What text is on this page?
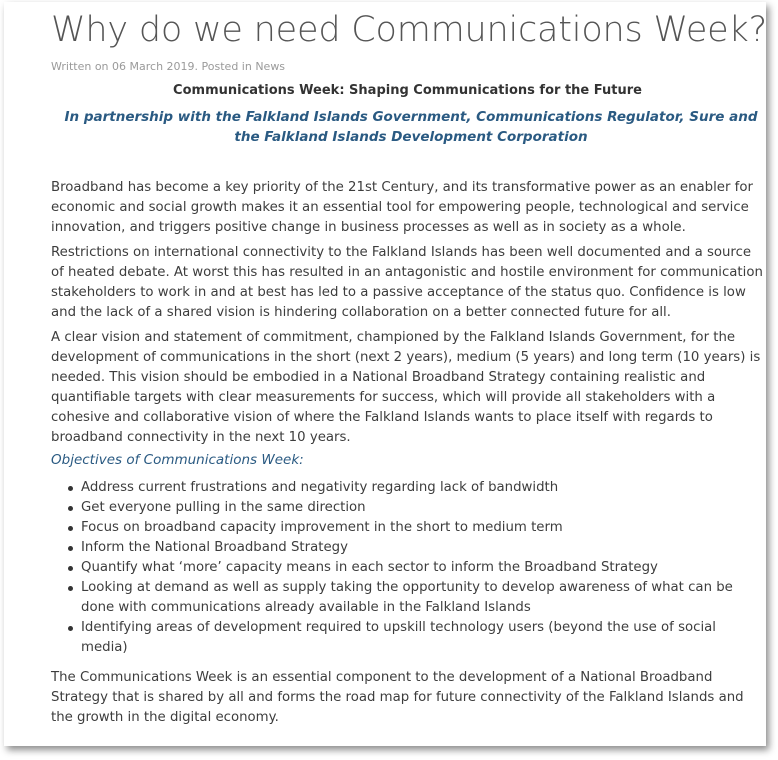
Why do we need Communications Week?
Written on 06 March 2019. Posted in News
Communications Week: Shaping Communications for the Future
In partnership with the Falkland Islands Government, Communications Regulator, Sure and the Falkland Islands Development Corporation

Broadband has become a key priority of the 21st Century, and its transformative power as an enabler for economic and social growth makes it an essential tool for empowering people, technological and service innovation, and triggers positive change in business processes as well as in society as a whole.

Restrictions on international connectivity to the Falkland Islands has been well documented and a source of heated debate. At worst this has resulted in an antagonistic and hostile environment for communication stakeholders to work in and at best has led to a passive acceptance of the status quo. Confidence is low and the lack of a shared vision is hindering collaboration on a better connected future for all.

A clear vision and statement of commitment, championed by the Falkland Islands Government, for the development of communications in the short (next 2 years), medium (5 years) and long term (10 years) is needed. This vision should be embodied in a National Broadband Strategy containing realistic and quantifiable targets with clear measurements for success, which will provide all stakeholders with a cohesive and collaborative vision of where the Falkland Islands wants to place itself with regards to broadband connectivity in the next 10 years.

Objectives of Communications Week:
Address current frustrations and negativity regarding lack of bandwidth
Get everyone pulling in the same direction
Focus on broadband capacity improvement in the short to medium term
Inform the National Broadband Strategy
Quantify what ‘more’ capacity means in each sector to inform the Broadband Strategy
Looking at demand as well as supply taking the opportunity to develop awareness of what can be done with communications already available in the Falkland Islands
Identifying areas of development required to upskill technology users (beyond the use of social media)
The Communications Week is an essential component to the development of a National Broadband Strategy that is shared by all and forms the road map for future connectivity of the Falkland Islands and the growth in the digital economy.
